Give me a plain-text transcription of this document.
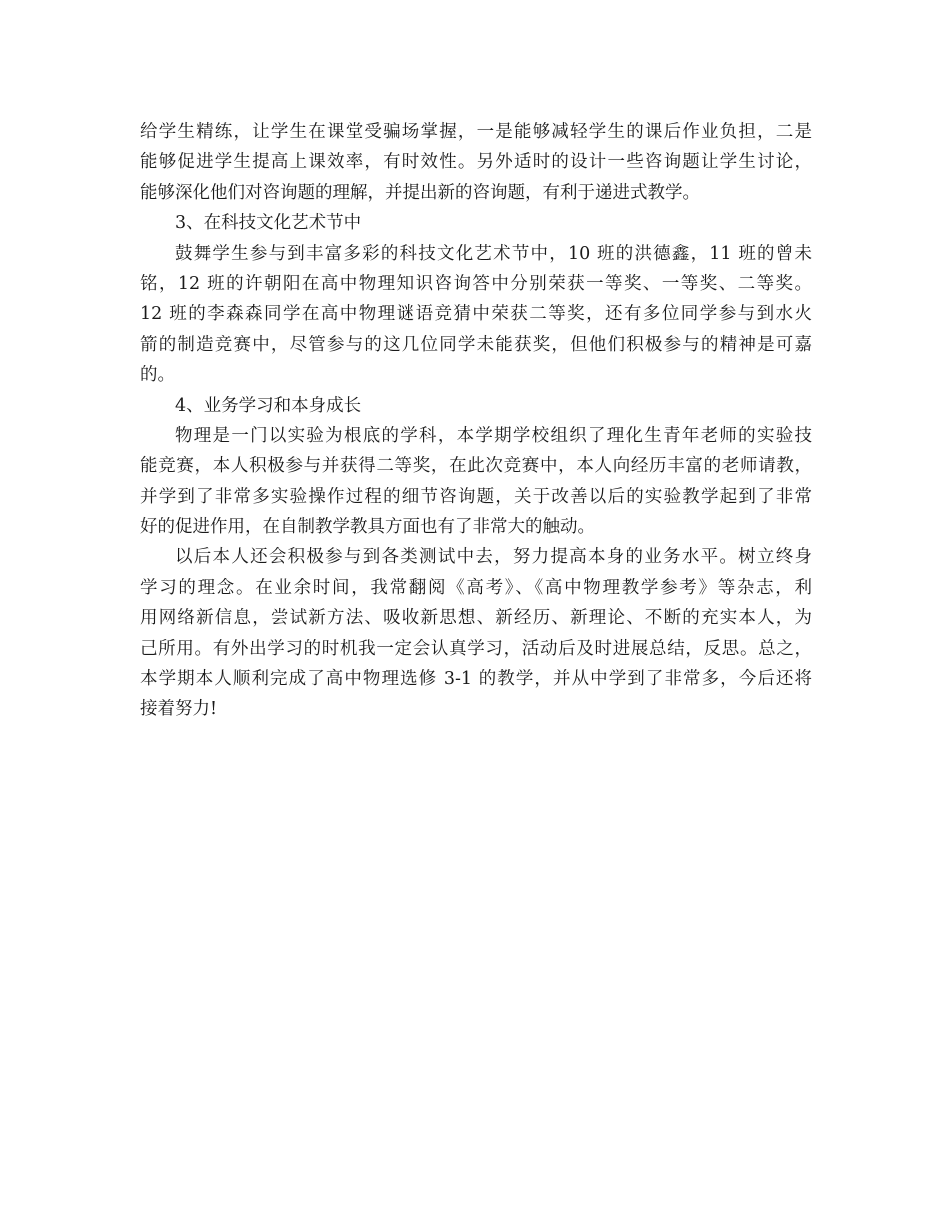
给学生精练，让学生在课堂受骗场掌握，一是能够减轻学生的课后作业负担，二是
能够促进学生提高上课效率，有时效性。另外适时的设计一些咨询题让学生讨论，
能够深化他们对咨询题的理解，并提出新的咨询题，有利于递进式教学。
3、在科技文化艺术节中
鼓舞学生参与到丰富多彩的科技文化艺术节中，10 班的洪德鑫，11 班的曾未
铭，12 班的许朝阳在高中物理知识咨询答中分别荣获一等奖、一等奖、二等奖。
12 班的李森森同学在高中物理谜语竞猜中荣获二等奖，还有多位同学参与到水火
箭的制造竞赛中，尽管参与的这几位同学未能获奖，但他们积极参与的精神是可嘉
的。
4、业务学习和本身成长
物理是一门以实验为根底的学科，本学期学校组织了理化生青年老师的实验技
能竞赛，本人积极参与并获得二等奖，在此次竞赛中，本人向经历丰富的老师请教，
并学到了非常多实验操作过程的细节咨询题，关于改善以后的实验教学起到了非常
好的促进作用，在自制教学教具方面也有了非常大的触动。
以后本人还会积极参与到各类测试中去，努力提高本身的业务水平。树立终身
学习的理念。在业余时间，我常翻阅《高考》、《高中物理教学参考》等杂志，利
用网络新信息，尝试新方法、吸收新思想、新经历、新理论、不断的充实本人，为
己所用。有外出学习的时机我一定会认真学习，活动后及时进展总结，反思。总之，
本学期本人顺利完成了高中物理选修 3-1 的教学，并从中学到了非常多，今后还将
接着努力!
